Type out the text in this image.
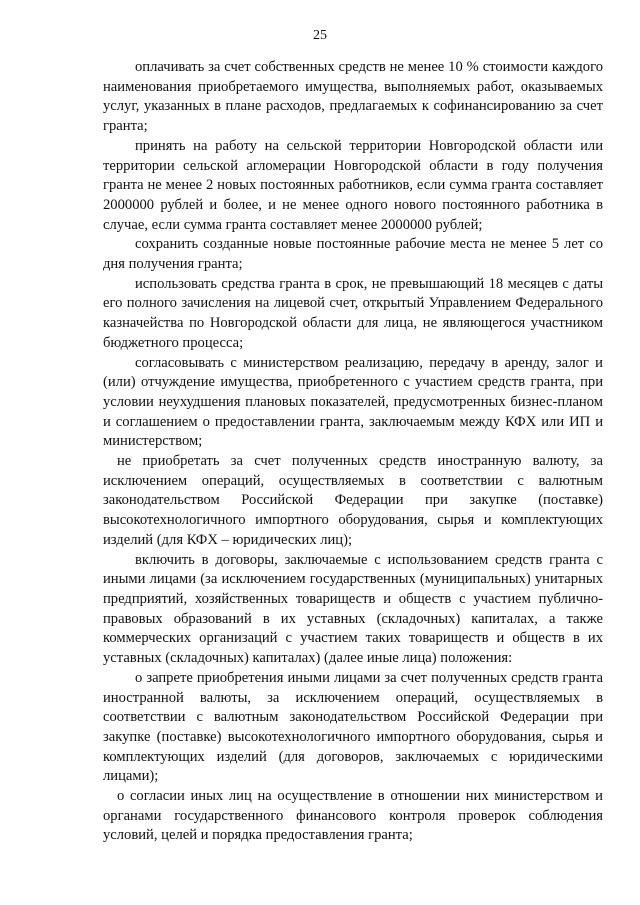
25

оплачивать за счет собственных средств не менее 10 % стоимости каждого наименования приобретаемого имущества, выполняемых работ, оказываемых услуг, указанных в плане расходов, предлагаемых к софинансированию за счет гранта;

принять на работу на сельской территории Новгородской области или территории сельской агломерации Новгородской области в году получения гранта не менее 2 новых постоянных работников, если сумма гранта составляет 2000000 рублей и более, и не менее одного нового постоянного работника в случае, если сумма гранта составляет менее 2000000 рублей;

сохранить созданные новые постоянные рабочие места не менее 5 лет со дня получения гранта;

использовать средства гранта в срок, не превышающий 18 месяцев с даты его полного зачисления на лицевой счет, открытый Управлением Федерального казначейства по Новгородской области для лица, не являющегося участником бюджетного процесса;

согласовывать с министерством реализацию, передачу в аренду, залог и (или) отчуждение имущества, приобретенного с участием средств гранта, при условии неухудшения плановых показателей, предусмотренных бизнес-планом и соглашением о предоставлении гранта, заключаемым между КФХ или ИП и министерством;

не приобретать за счет полученных средств иностранную валюту, за исключением операций, осуществляемых в соответствии с валютным законодательством Российской Федерации при закупке (поставке) высокотехнологичного импортного оборудования, сырья и комплектующих изделий (для КФХ – юридических лиц);

включить в договоры, заключаемые с использованием средств гранта с иными лицами (за исключением государственных (муниципальных) унитарных предприятий, хозяйственных товариществ и обществ с участием публично-правовых образований в их уставных (складочных) капиталах, а также коммерческих организаций с участием таких товариществ и обществ в их уставных (складочных) капиталах) (далее иные лица) положения:

о запрете приобретения иными лицами за счет полученных средств гранта иностранной валюты, за исключением операций, осуществляемых в соответствии с валютным законодательством Российской Федерации при закупке (поставке) высокотехнологичного импортного оборудования, сырья и комплектующих изделий (для договоров, заключаемых с юридическими лицами);

о согласии иных лиц на осуществление в отношении них министерством и органами государственного финансового контроля проверок соблюдения условий, целей и порядка предоставления гранта;
